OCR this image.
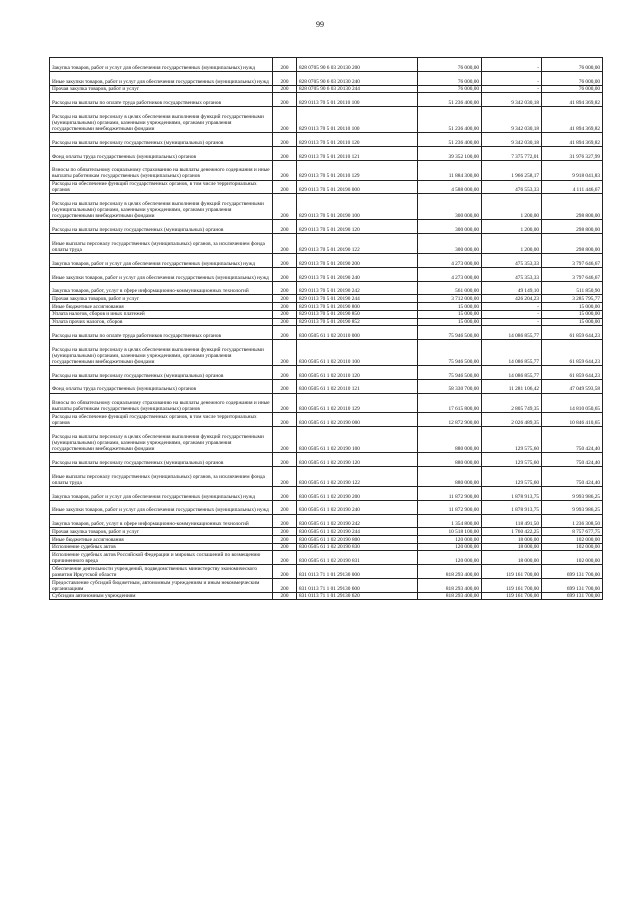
99
Закупка товаров, работ и услуг для обеспечения государственных (муниципальных) нужд	200	828 0705 90 6 03 20130 200	76 000,00	-	76 000,00
Иные закупки товаров, работ и услуг для обеспечения государственных (муниципальных) нужд	200	828 0705 90 6 03 20130 240	76 000,00	-	76 000,00
Прочая закупка товаров, работ и услуг	200	828 0705 90 6 03 20130 244	76 000,00	-	76 000,00
Расходы на выплаты по оплате труда работников государственных органов	200	829 0113 70 5 01 20110 100	51 236 400,00	9 342 030,18	41 894 369,82
Расходы на выплаты персоналу в целях обеспечения выполнения функций государственными (муниципальными) органами, казенными учреждениями, органами управления государственными внебюджетными фондами	200	829 0113 70 5 01 20110 100	51 236 400,00	9 342 030,18	41 894 369,82
Расходы на выплаты персоналу государственных (муниципальных) органов	200	829 0113 70 5 01 20110 120	51 236 400,00	9 342 030,18	41 894 369,82
Фонд оплаты труда государственных (муниципальных) органов	200	829 0113 70 5 01 20110 121	39 352 100,00	7 375 772,01	31 976 327,99
Взносы по обязательному социальному страхованию на выплаты денежного содержания и иные выплаты работникам государственных (муниципальных) органов	200	829 0113 70 5 01 20110 129	11 884 300,00	1 966 258,17	9 918 041,83
Расходы на обеспечение функций государственных органов, в том числе территориальных органов	200	829 0113 70 5 01 20190 000	4 588 000,00	476 553,33	4 111 446,67
Расходы на выплаты персоналу в целях обеспечения выполнения функций государственными (муниципальными) органами, казенными учреждениями, органами управления государственными внебюджетными фондами	200	829 0113 70 5 01 20190 100	300 000,00	1 200,00	298 800,00
Расходы на выплаты персоналу государственных (муниципальных) органов	200	829 0113 70 5 01 20190 120	300 000,00	1 200,00	298 800,00
Иные выплаты персоналу государственных (муниципальных) органов, за исключением фонда оплаты труда	200	829 0113 70 5 01 20190 122	300 000,00	1 200,00	298 800,00
Закупка товаров, работ и услуг для обеспечения государственных (муниципальных) нужд	200	829 0113 70 5 01 20190 200	4 273 000,00	475 353,33	3 797 646,67
Иные закупки товаров, работ и услуг для обеспечения государственных (муниципальных) нужд	200	829 0113 70 5 01 20190 240	4 273 000,00	475 353,33	3 797 646,67
Закупка товаров, работ, услуг в сфере информационно-коммуникационных технологий	200	829 0113 70 5 01 20190 242	561 000,00	49 149,10	511 850,90
Прочая закупка товаров, работ и услуг	200	829 0113 70 5 01 20190 244	3 712 000,00	426 204,23	3 285 795,77
Иные бюджетные ассигнования	200	829 0113 70 5 01 20190 800	15 000,00	-	15 000,00
Уплата налогов, сборов и иных платежей	200	829 0113 70 5 01 20190 850	15 000,00	-	15 000,00
Уплата прочих налогов, сборов	200	829 0113 70 5 01 20190 852	15 000,00	-	15 000,00
Расходы на выплаты по оплате труда работников государственных органов	200	830 0505 61 1 02 20110 000	75 946 500,00	14 086 855,77	61 859 644,23
Расходы на выплаты персоналу в целях обеспечения выполнения функций государственными (муниципальными) органами, казенными учреждениями, органами управления государственными внебюджетными фондами	200	830 0505 61 1 02 20110 100	75 946 500,00	14 086 855,77	61 859 644,23
Расходы на выплаты персоналу государственных (муниципальных) органов	200	830 0505 61 1 02 20110 120	75 946 500,00	14 086 855,77	61 859 644,23
Фонд оплаты труда государственных (муниципальных) органов	200	830 0505 61 1 02 20110 121	58 330 700,00	11 281 106,42	47 049 593,58
Взносы по обязательному социальному страхованию на выплаты денежного содержания и иные выплаты работникам государственных (муниципальных) органов	200	830 0505 61 1 02 20110 129	17 615 800,00	2 805 749,35	14 810 050,65
Расходы на обеспечение функций государственных органов, в том числе территориальных органов	200	830 0505 61 1 02 20190 000	12 872 900,00	2 026 489,35	10 846 410,65
Расходы на выплаты персоналу в целях обеспечения выполнения функций государственными (муниципальными) органами, казенными учреждениями, органами управления государственными внебюджетными фондами	200	830 0505 61 1 02 20190 100	880 000,00	129 575,60	750 424,40
Расходы на выплаты персоналу государственных (муниципальных) органов	200	830 0505 61 1 02 20190 120	880 000,00	129 575,60	750 424,40
Иные выплаты персоналу государственных (муниципальных) органов, за исключением фонда оплаты труда	200	830 0505 61 1 02 20190 122	880 000,00	129 575,60	750 424,40
Закупка товаров, работ и услуг для обеспечения государственных (муниципальных) нужд	200	830 0505 61 1 02 20190 200	11 872 900,00	1 878 913,75	9 993 986,25
Иные закупки товаров, работ и услуг для обеспечения государственных (муниципальных) нужд	200	830 0505 61 1 02 20190 240	11 872 900,00	1 878 913,75	9 993 986,25
Закупка товаров, работ, услуг в сфере информационно-коммуникационных технологий	200	830 0505 61 1 02 20190 242	1 354 800,00	118 491,50	1 236 308,50
Прочая закупка товаров, работ и услуг	200	830 0505 61 1 02 20190 244	10 518 100,00	1 760 422,25	8 757 677,75
Иные бюджетные ассигнования	200	830 0505 61 1 02 20190 800	120 000,00	18 000,00	102 000,00
Исполнение судебных актов	200	830 0505 61 1 02 20190 830	120 000,00	18 000,00	102 000,00
Исполнение судебных актов Российской Федерации и мировых соглашений по возмещению причиненного вреда	200	830 0505 61 1 02 20190 831	120 000,00	18 000,00	102 000,00
Обеспечение деятельности учреждений, подведомственных министерству экономического развития Иркутской области	200	831 0113 71 1 01 29130 000	818 293 400,00	119 161 700,00	699 131 700,00
Предоставление субсидий бюджетным, автономным учреждениям и иным некоммерческим организациям	200	831 0113 71 1 01 29130 600	818 293 400,00	119 161 700,00	699 131 700,00
Субсидии автономным учреждениям	200	831 0113 71 1 01 29130 620	818 293 400,00	119 161 700,00	699 131 700,00
